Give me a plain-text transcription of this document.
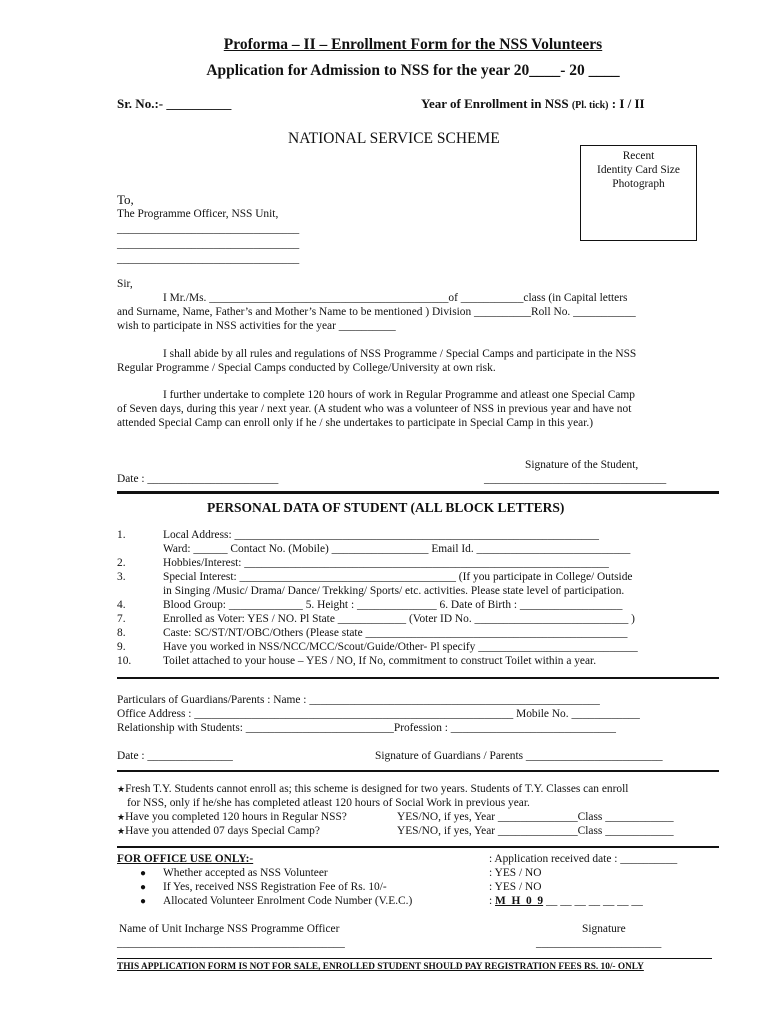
Proforma – II – Enrollment Form for the NSS Volunteers
Application for Admission to NSS for the year 20____- 20 ____
Sr. No.:- __________	Year of Enrollment in NSS (Pl. tick) : I / II
NATIONAL SERVICE SCHEME
Recent
Identity Card Size
Photograph
To,
The Programme Officer, NSS Unit,
________________________________
________________________________
________________________________
Sir,
I Mr./Ms. __________________________________________of ___________class (in Capital letters
and Surname, Name, Father’s and Mother’s Name to be mentioned ) Division __________Roll No. ___________
wish to participate in NSS activities for the year __________
I shall abide by all rules and regulations of NSS Programme / Special Camps and participate in the NSS
Regular Programme / Special Camps conducted by College/University at own risk.
I further undertake to complete 120 hours of work in Regular Programme and atleast one Special Camp
of Seven days, during this year / next year. (A student who was a volunteer of NSS in previous year and have not
attended Special Camp can enroll only if he / she undertakes to participate in Special Camp in this year.)
Signature of the Student,
Date : _______________________	________________________________
PERSONAL DATA OF STUDENT (ALL BLOCK LETTERS)
1.	Local Address: ________________________________________________________________
Ward: ______ Contact No. (Mobile) _________________ Email Id. ___________________________
2.	Hobbies/Interest: ________________________________________________________________
3.	Special Interest: ______________________________________ (If you participate in College/ Outside
in Singing /Music/ Drama/ Dance/ Trekking/ Sports/ etc. activities. Please state level of participation.
4.	Blood Group: _____________ 5. Height : ______________ 6. Date of Birth : __________________
7.	Enrolled as Voter: YES / NO. Pl State ____________ (Voter ID No. ___________________________ )
8.	Caste: SC/ST/NT/OBC/Others (Please state ______________________________________________
9.	Have you worked in NSS/NCC/MCC/Scout/Guide/Other- Pl specify ____________________________
10.	Toilet attached to your house – YES / NO, If No, commitment to construct Toilet within a year.
Particulars of Guardians/Parents : Name : ___________________________________________________
Office Address : ________________________________________________________ Mobile No. ____________
Relationship with Students: __________________________Profession : _____________________________
Date : _______________	Signature of Guardians / Parents ________________________
★Fresh T.Y. Students cannot enroll as; this scheme is designed for two years. Students of T.Y. Classes can enroll
for NSS, only if he/she has completed atleast 120 hours of Social Work in previous year.
★Have you completed 120 hours in Regular NSS?	YES/NO, if yes, Year ______________Class ____________
★Have you attended 07 days Special Camp?	YES/NO, if yes, Year ______________Class ____________
FOR OFFICE USE ONLY:-	: Application received date : __________
● Whether accepted as NSS Volunteer	: YES / NO
● If Yes, received NSS Registration Fee of Rs. 10/-	: YES / NO
● Allocated Volunteer Enrolment Code Number (V.E.C.)	: M  H  0  9 __ __ __ __ __ __ __
Name of Unit Incharge NSS Programme Officer	Signature
________________________________________	______________________
THIS APPLICATION FORM IS NOT FOR SALE, ENROLLED STUDENT SHOULD PAY REGISTRATION FEES RS. 10/- ONLY
